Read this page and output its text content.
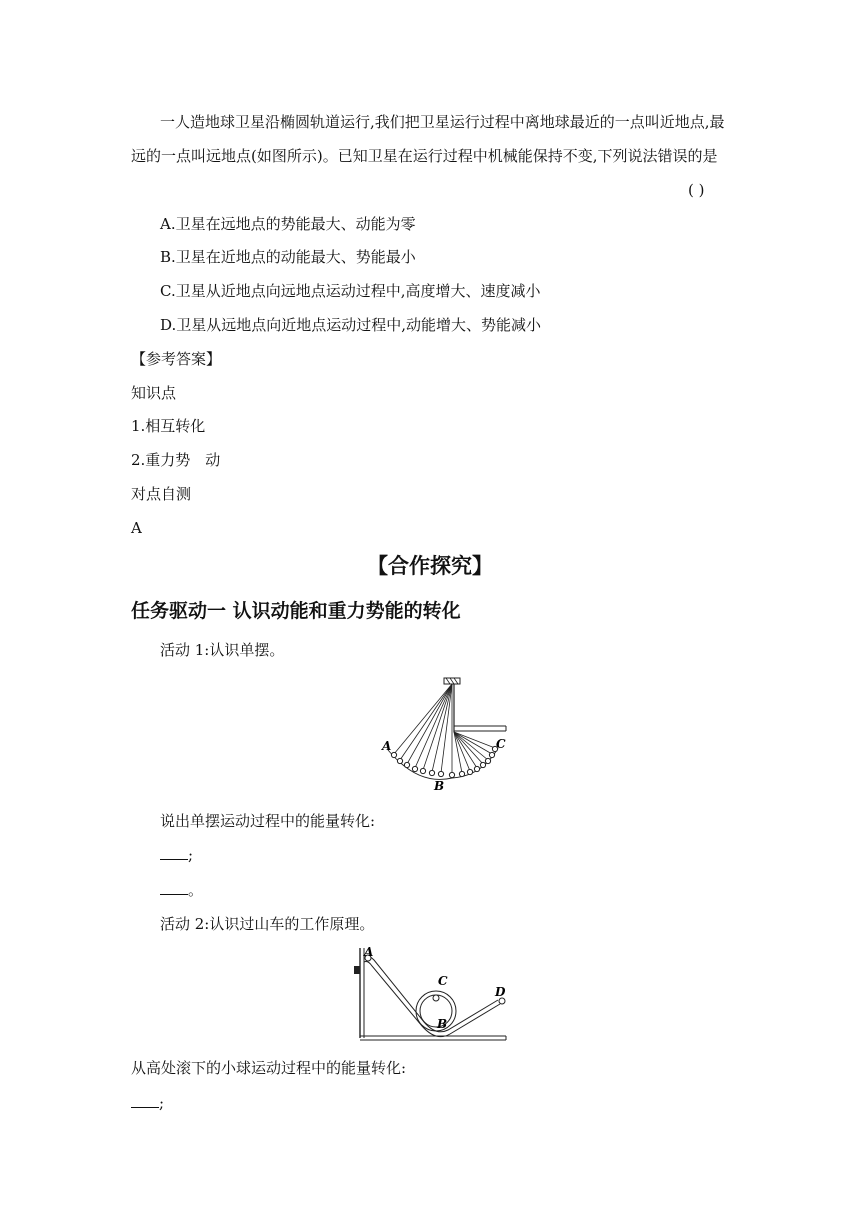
一人造地球卫星沿椭圆轨道运行,我们把卫星运行过程中离地球最近的一点叫近地点,最
远的一点叫远地点(如图所示)。已知卫星在运行过程中机械能保持不变,下列说法错误的是
( )
A.卫星在远地点的势能最大、动能为零
B.卫星在近地点的动能最大、势能最小
C.卫星从近地点向远地点运动过程中,高度增大、速度减小
D.卫星从远地点向近地点运动过程中,动能增大、势能减小
【参考答案】
知识点
1.相互转化
2.重力势　动
对点自测
A
【合作探究】
任务驱动一 认识动能和重力势能的转化
活动 1:认识单摆。
A
B
C
说出单摆运动过程中的能量转化:
;
。
活动 2:认识过山车的工作原理。
A
C
B
D
从高处滚下的小球运动过程中的能量转化:
;
